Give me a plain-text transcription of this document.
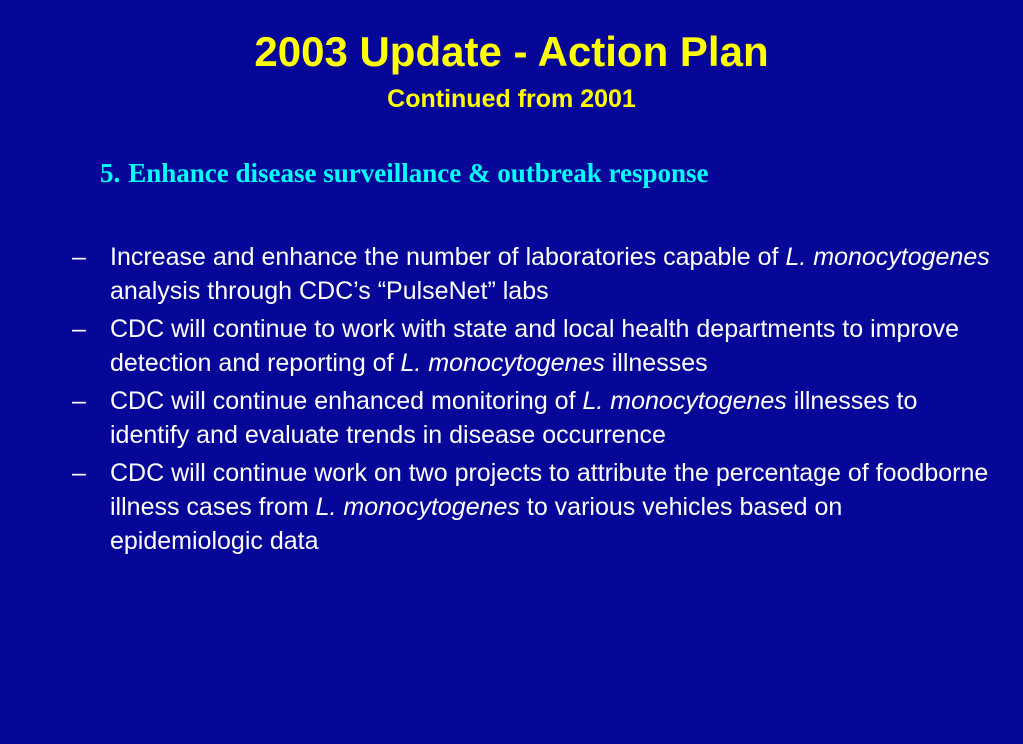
2003 Update - Action Plan
Continued from 2001
5. Enhance disease surveillance & outbreak response
– Increase and enhance the number of laboratories capable of L. monocytogenes analysis through CDC’s “PulseNet” labs
– CDC will continue to work with state and local health departments to improve detection and reporting of L. monocytogenes illnesses
– CDC will continue enhanced monitoring of L. monocytogenes illnesses to identify and evaluate trends in disease occurrence
– CDC will continue work on two projects to attribute the percentage of foodborne illness cases from L. monocytogenes to various vehicles based on epidemiologic data
